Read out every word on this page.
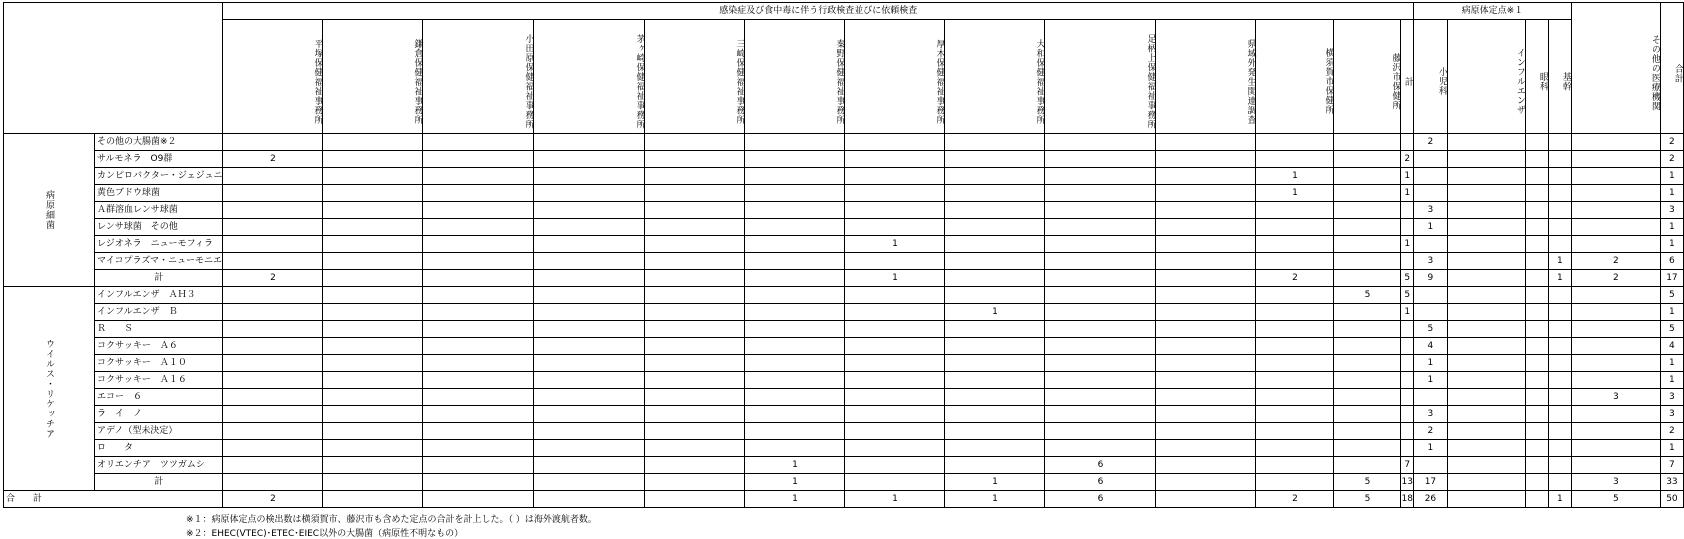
		感染症及び食中毒に伴う行政検査並びに依頼検査													病原体定点※１				その他の医療機関	合計
		平塚保健福祉事務所	鎌倉保健福祉事務所	小田原保健福祉事務所	茅ヶ崎保健福祉事務所	三崎保健福祉事務所	秦野保健福祉事務所	厚木保健福祉事務所	大和保健福祉事務所	足柄上保健福祉事務所	県域外発生関連調査	横須賀市保健所	藤沢市保健所	計	小児科	インフルエンザ	眼科	基幹		
病原細菌	その他の大腸菌※２														2					2
	サルモネラ　O9群	2												2						2
	カンピロバクター・ジェジュニ											1		1						1
	黄色ブドウ球菌											1		1						1
	Ａ群溶血レンサ球菌														3					3
	レンサ球菌　その他														1					1
	レジオネラ　ニューモフィラ							1						1						1
	マイコプラズマ・ニューモニエ														3			1	2	6
	計	2						1				2		5	9			1	2	17
ウイルス・リケッチア	インフルエンザ　ＡＨ３												5	5						5
	インフルエンザ　Ｂ								1					1						1
	Ｒ　　Ｓ														5					5
	コクサッキー　Ａ６														4					4
	コクサッキー　Ａ１０														1					1
	コクサッキー　Ａ１６														1					1
	エコー　６																		3	3
	ラ　イ　ノ														3					3
	アデノ（型未決定）														2					2
	ロ　　タ														1					1
	オリエンチア　ツツガムシ						1			6				7						7
	計						1		1	6			5	13	17				3	33
合　　計		2					1	1	1	6		2	5	18	26			1	5	50
※１：病原体定点の検出数は横須賀市、藤沢市も含めた定点の合計を計上した。（ ）は海外渡航者数。
※２：EHEC(VTEC)･ETEC･EIEC以外の大腸菌（病原性不明なもの）
